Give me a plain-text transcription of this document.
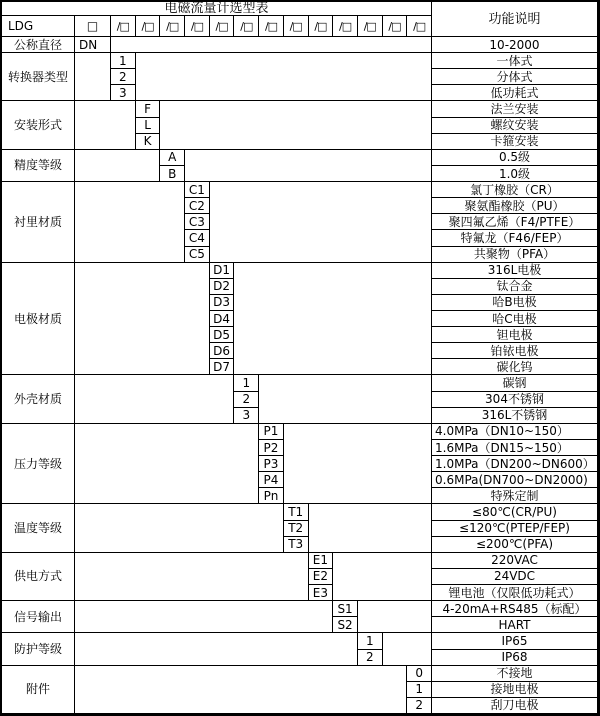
电磁流量计选型表
功能说明
LDG	□	/□	/□	/□	/□	/□	/□	/□	/□	/□	/□	/□	/□	/□
公称直径	DN	10-2000
转换器类型
1	一体式
2	分体式
3	低功耗式
安装形式
F	法兰安装
L	螺纹安装
K	卡箍安装
精度等级
A	0.5级
B	1.0级
衬里材质
C1	氯丁橡胶（CR）
C2	聚氨酯橡胶（PU）
C3	聚四氟乙烯（F4/PTFE）
C4	特氟龙（F46/FEP）
C5	共聚物（PFA）
电极材质
D1	316L电极
D2	钛合金
D3	哈B电极
D4	哈C电极
D5	钽电极
D6	铂铱电极
D7	碳化钨
外壳材质
1	碳钢
2	304不锈钢
3	316L不锈钢
压力等级
P1	4.0MPa（DN10~150）
P2	1.6MPa（DN15~150）
P3	1.0MPa（DN200~DN600）
P4	0.6MPa(DN700~DN2000)
Pn	特殊定制
温度等级
T1	≤80℃(CR/PU)
T2	≤120℃(PTEP/FEP)
T3	≤200℃(PFA)
供电方式
E1	220VAC
E2	24VDC
E3	锂电池（仅限低功耗式）
信号输出
S1	4-20mA+RS485（标配）
S2	HART
防护等级
1	IP65
2	IP68
附件
0	不接地
1	接地电极
2	刮刀电极
